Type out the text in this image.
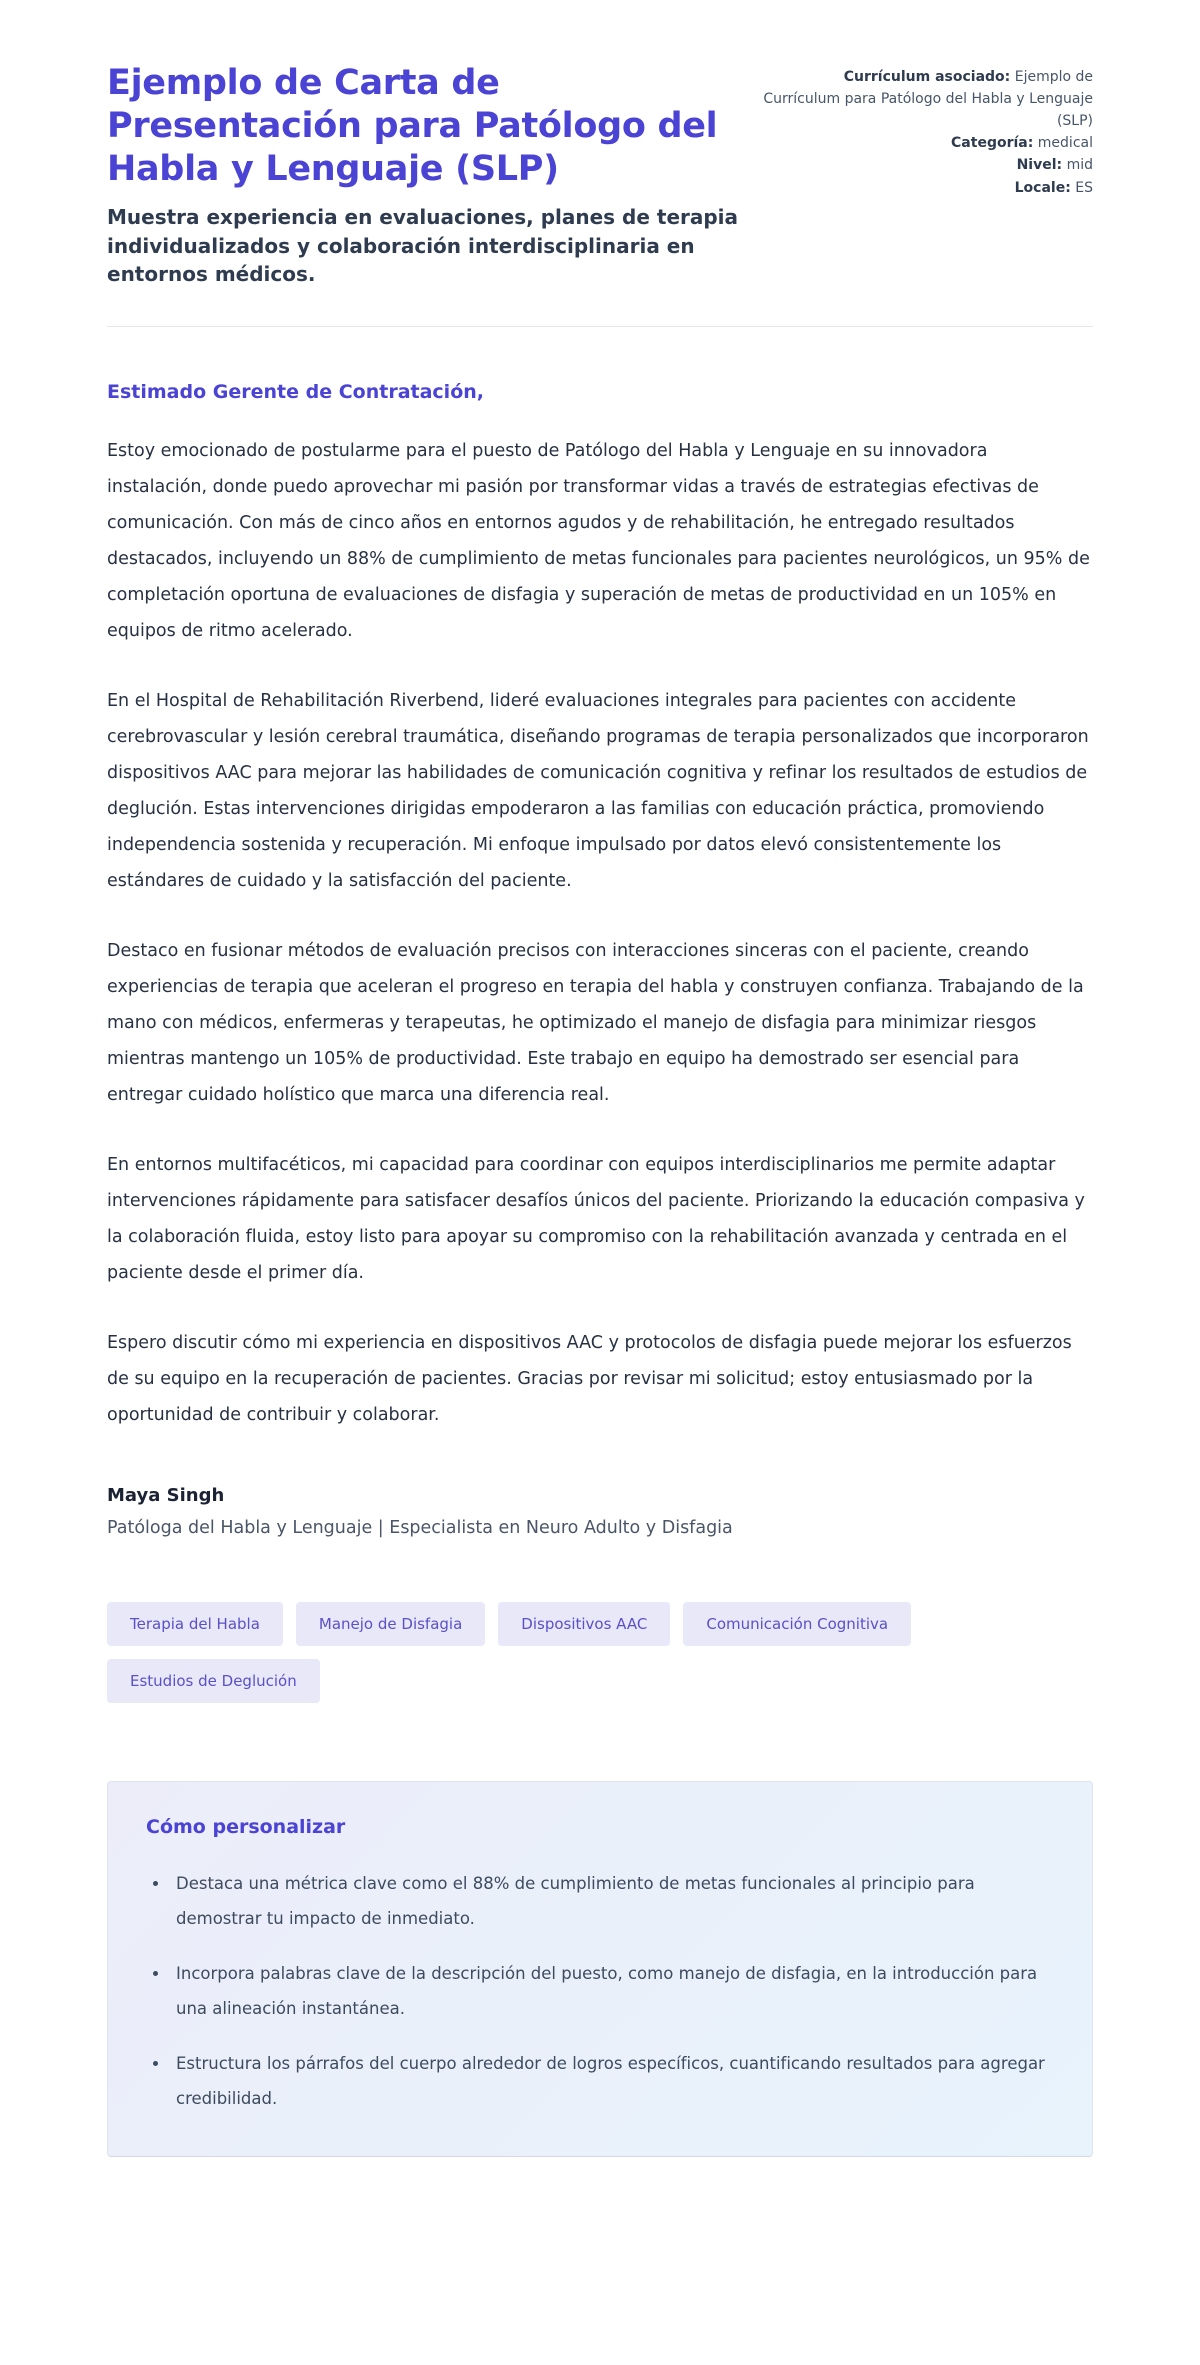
Ejemplo de Carta de Presentación para Patólogo del Habla y Lenguaje (SLP)

Muestra experiencia en evaluaciones, planes de terapia individualizados y colaboración interdisciplinaria en entornos médicos.

Currículum asociado: Ejemplo de Currículum para Patólogo del Habla y Lenguaje (SLP)
Categoría: medical
Nivel: mid
Locale: ES

Estimado Gerente de Contratación,

Estoy emocionado de postularme para el puesto de Patólogo del Habla y Lenguaje en su innovadora instalación, donde puedo aprovechar mi pasión por transformar vidas a través de estrategias efectivas de comunicación. Con más de cinco años en entornos agudos y de rehabilitación, he entregado resultados destacados, incluyendo un 88% de cumplimiento de metas funcionales para pacientes neurológicos, un 95% de completación oportuna de evaluaciones de disfagia y superación de metas de productividad en un 105% en equipos de ritmo acelerado.

En el Hospital de Rehabilitación Riverbend, lideré evaluaciones integrales para pacientes con accidente cerebrovascular y lesión cerebral traumática, diseñando programas de terapia personalizados que incorporaron dispositivos AAC para mejorar las habilidades de comunicación cognitiva y refinar los resultados de estudios de deglución. Estas intervenciones dirigidas empoderaron a las familias con educación práctica, promoviendo independencia sostenida y recuperación. Mi enfoque impulsado por datos elevó consistentemente los estándares de cuidado y la satisfacción del paciente.

Destaco en fusionar métodos de evaluación precisos con interacciones sinceras con el paciente, creando experiencias de terapia que aceleran el progreso en terapia del habla y construyen confianza. Trabajando de la mano con médicos, enfermeras y terapeutas, he optimizado el manejo de disfagia para minimizar riesgos mientras mantengo un 105% de productividad. Este trabajo en equipo ha demostrado ser esencial para entregar cuidado holístico que marca una diferencia real.

En entornos multifacéticos, mi capacidad para coordinar con equipos interdisciplinarios me permite adaptar intervenciones rápidamente para satisfacer desafíos únicos del paciente. Priorizando la educación compasiva y la colaboración fluida, estoy listo para apoyar su compromiso con la rehabilitación avanzada y centrada en el paciente desde el primer día.

Espero discutir cómo mi experiencia en dispositivos AAC y protocolos de disfagia puede mejorar los esfuerzos de su equipo en la recuperación de pacientes. Gracias por revisar mi solicitud; estoy entusiasmado por la oportunidad de contribuir y colaborar.

Maya Singh

Patóloga del Habla y Lenguaje | Especialista en Neuro Adulto y Disfagia

Terapia del Habla	Manejo de Disfagia	Dispositivos AAC	Comunicación Cognitiva
Estudios de Deglución
Cómo personalizar
• Destaca una métrica clave como el 88% de cumplimiento de metas funcionales al principio para demostrar tu impacto de inmediato.
• Incorpora palabras clave de la descripción del puesto, como manejo de disfagia, en la introducción para una alineación instantánea.
• Estructura los párrafos del cuerpo alrededor de logros específicos, cuantificando resultados para agregar credibilidad.
